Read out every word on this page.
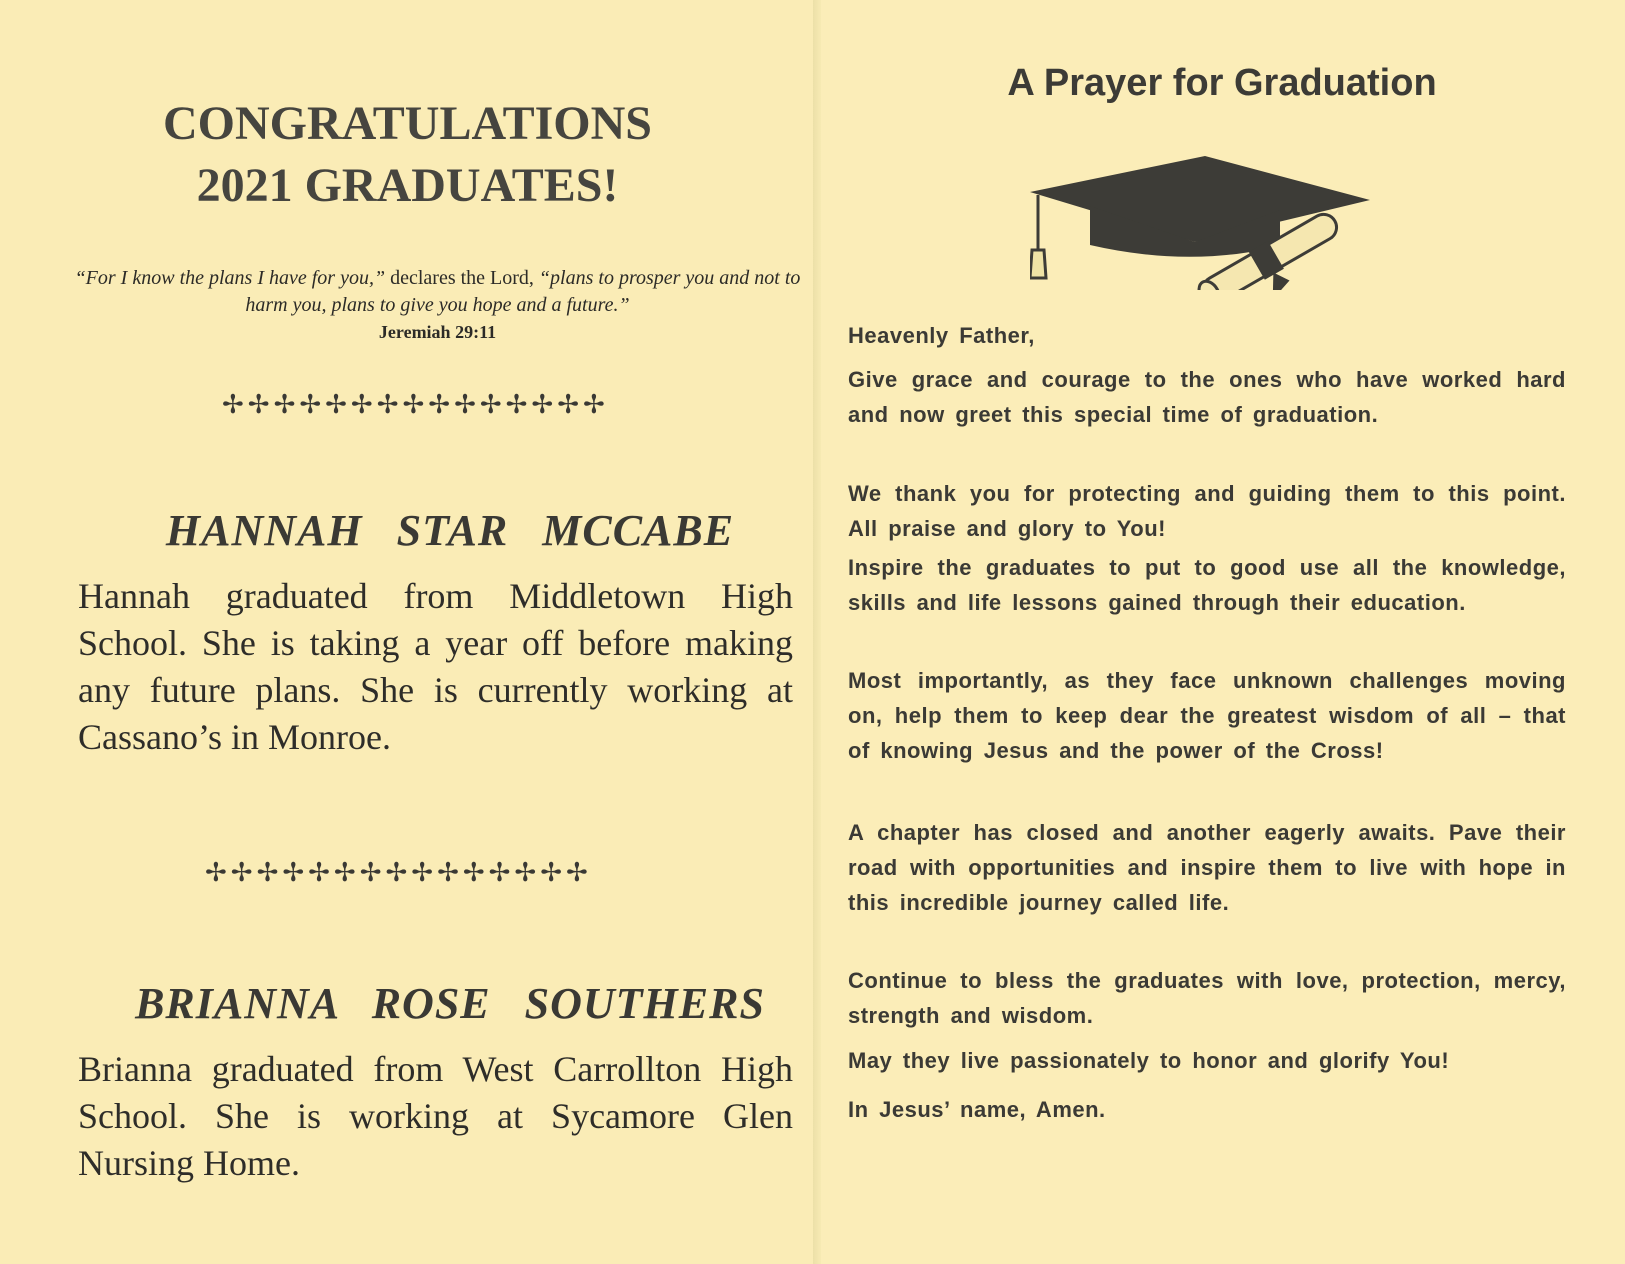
CONGRATULATIONS
2021 GRADUATES!
“For I know the plans I have for you,” declares the Lord, “plans to prosper you and not to harm you, plans to give you hope and a future.”
Jeremiah 29:11
✢✢✢✢✢✢✢✢✢✢✢✢✢✢✢
HANNAH STAR MCCABE
Hannah graduated from Middletown High School. She is taking a year off before making any future plans. She is currently working at Cassano’s in Monroe.
✢✢✢✢✢✢✢✢✢✢✢✢✢✢✢
BRIANNA ROSE SOUTHERS
Brianna graduated from West Carrollton High School. She is working at Sycamore Glen Nursing Home.
A Prayer for Graduation
Heavenly Father,
Give grace and courage to the ones who have worked hard and now greet this special time of graduation.
We thank you for protecting and guiding them to this point. All praise and glory to You!
Inspire the graduates to put to good use all the knowledge, skills and life lessons gained through their education.
Most importantly, as they face unknown challenges moving on, help them to keep dear the greatest wisdom of all – that of knowing Jesus and the power of the Cross!
A chapter has closed and another eagerly awaits. Pave their road with opportunities and inspire them to live with hope in this incredible journey called life.
Continue to bless the graduates with love, protection, mercy, strength and wisdom.
May they live passionately to honor and glorify You!
In Jesus’ name, Amen.
